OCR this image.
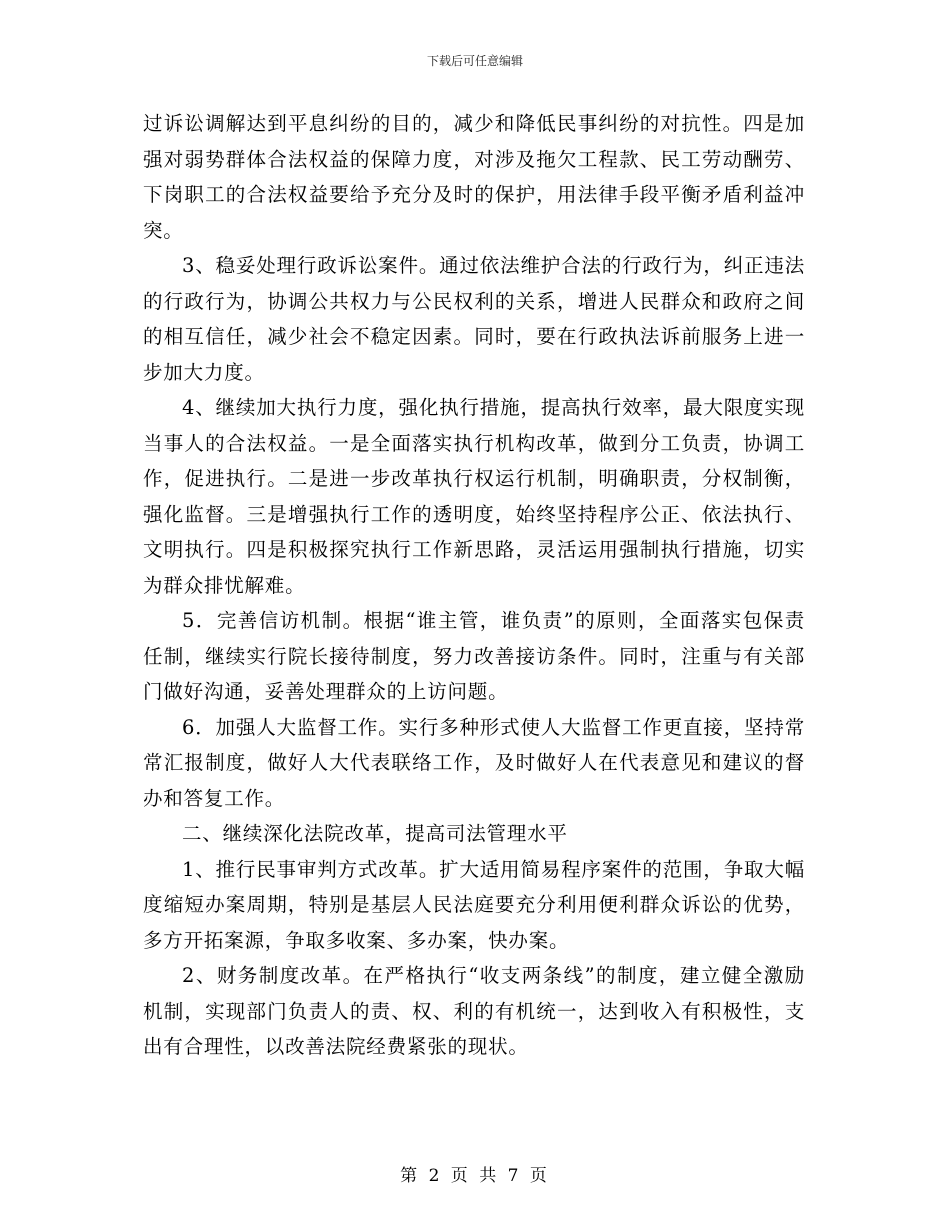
下载后可任意编辑

过诉讼调解达到平息纠纷的目的，减少和降低民事纠纷的对抗性。四是加强对弱势群体合法权益的保障力度，对涉及拖欠工程款、民工劳动酬劳、下岗职工的合法权益要给予充分及时的保护，用法律手段平衡矛盾利益冲突。

3、稳妥处理行政诉讼案件。通过依法维护合法的行政行为，纠正违法的行政行为，协调公共权力与公民权利的关系，增进人民群众和政府之间的相互信任，减少社会不稳定因素。同时，要在行政执法诉前服务上进一步加大力度。

4、继续加大执行力度，强化执行措施，提高执行效率，最大限度实现当事人的合法权益。一是全面落实执行机构改革，做到分工负责，协调工作，促进执行。二是进一步改革执行权运行机制，明确职责，分权制衡，强化监督。三是增强执行工作的透明度，始终坚持程序公正、依法执行、文明执行。四是积极探究执行工作新思路，灵活运用强制执行措施，切实为群众排忧解难。

5．完善信访机制。根据“谁主管，谁负责”的原则，全面落实包保责任制，继续实行院长接待制度，努力改善接访条件。同时，注重与有关部门做好沟通，妥善处理群众的上访问题。

6．加强人大监督工作。实行多种形式使人大监督工作更直接，坚持常常汇报制度，做好人大代表联络工作，及时做好人在代表意见和建议的督办和答复工作。

二、继续深化法院改革，提高司法管理水平

1、推行民事审判方式改革。扩大适用简易程序案件的范围，争取大幅度缩短办案周期，特别是基层人民法庭要充分利用便利群众诉讼的优势，多方开拓案源，争取多收案、多办案，快办案。

2、财务制度改革。在严格执行“收支两条线”的制度，建立健全激励机制，实现部门负责人的责、权、利的有机统一，达到收入有积极性，支出有合理性，以改善法院经费紧张的现状。

第 2 页 共 7 页
